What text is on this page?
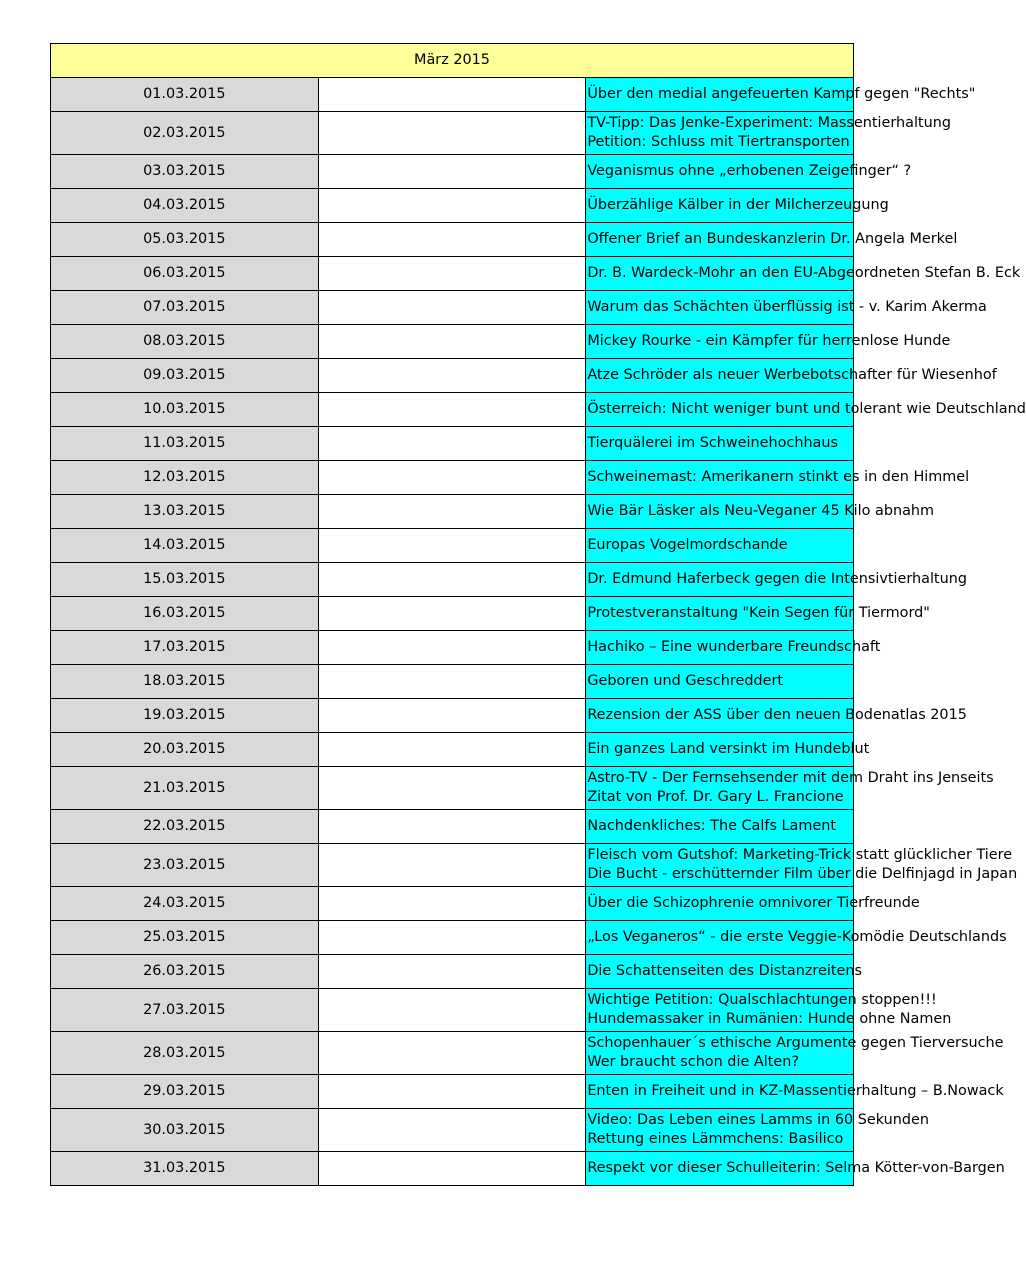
März 2015		
01.03.2015		Über den medial angefeuerten Kampf gegen "Rechts"

02.03.2015		TV-Tipp: Das Jenke-Experiment: Massentierhaltung
Petition: Schluss mit Tiertransporten

03.03.2015		Veganismus ohne „erhobenen Zeigefinger“ ?

04.03.2015		Überzählige Kälber in der Milcherzeugung

05.03.2015		Offener Brief an Bundeskanzlerin Dr. Angela Merkel

06.03.2015		Dr. B. Wardeck-Mohr an den EU-Abgeordneten Stefan B. Eck

07.03.2015		Warum das Schächten überflüssig ist - v. Karim Akerma

08.03.2015		Mickey Rourke - ein Kämpfer für herrenlose Hunde

09.03.2015		Atze Schröder als neuer Werbebotschafter für Wiesenhof

10.03.2015		Österreich: Nicht weniger bunt und tolerant wie Deutschland

11.03.2015		Tierquälerei im Schweinehochhaus

12.03.2015		Schweinemast: Amerikanern stinkt es in den Himmel

13.03.2015		Wie Bär Läsker als Neu-Veganer 45 Kilo abnahm

14.03.2015		Europas Vogelmordschande

15.03.2015		Dr. Edmund Haferbeck gegen die Intensivtierhaltung

16.03.2015		Protestveranstaltung "Kein Segen für Tiermord"

17.03.2015		Hachiko – Eine wunderbare Freundschaft

18.03.2015		Geboren und Geschreddert

19.03.2015		Rezension der ASS über den neuen Bodenatlas 2015

20.03.2015		Ein ganzes Land versinkt im Hundeblut

21.03.2015		Astro-TV - Der Fernsehsender mit dem Draht ins Jenseits
Zitat von Prof. Dr. Gary L. Francione

22.03.2015		Nachdenkliches: The Calfs Lament

23.03.2015		Fleisch vom Gutshof: Marketing-Trick statt glücklicher Tiere
Die Bucht - erschütternder Film über die Delfinjagd in Japan

24.03.2015		Über die Schizophrenie omnivorer Tierfreunde

25.03.2015		„Los Veganeros“ - die erste Veggie-Komödie Deutschlands

26.03.2015		Die Schattenseiten des Distanzreitens

27.03.2015		Wichtige Petition: Qualschlachtungen stoppen!!!
Hundemassaker in Rumänien: Hunde ohne Namen

28.03.2015		Schopenhauer´s ethische Argumente gegen Tierversuche
Wer braucht schon die Alten?

29.03.2015		Enten in Freiheit und in KZ-Massentierhaltung – B.Nowack

30.03.2015		Video: Das Leben eines Lamms in 60 Sekunden
Rettung eines Lämmchens: Basilico

31.03.2015		Respekt vor dieser Schulleiterin: Selma Kötter-von-Bargen
